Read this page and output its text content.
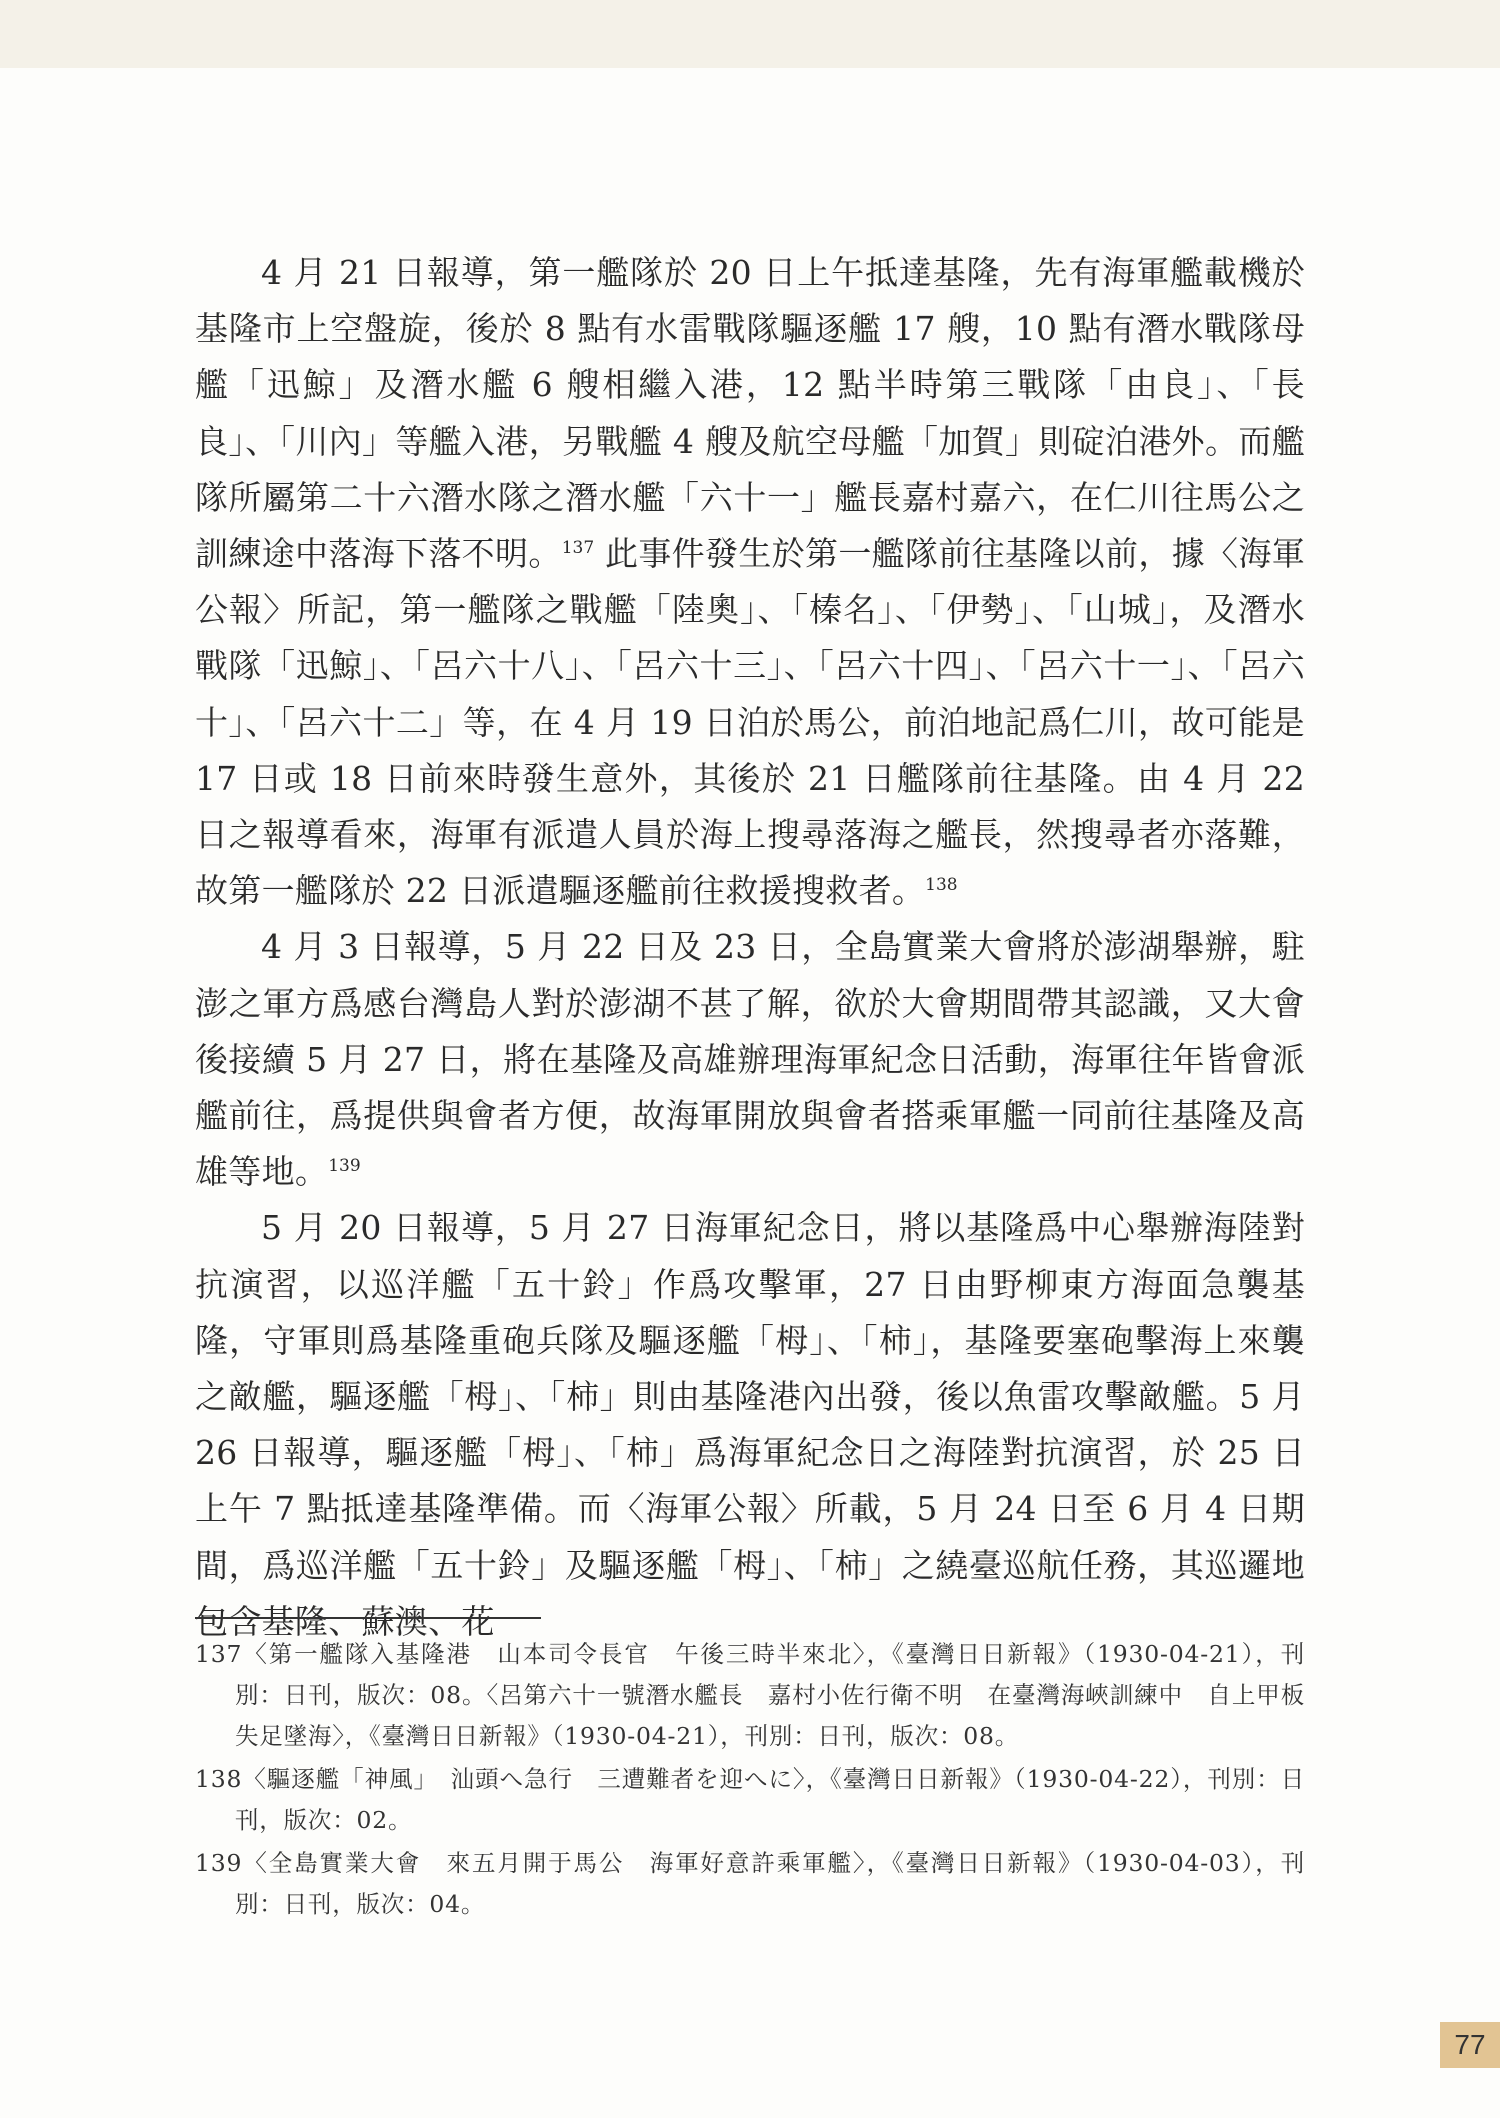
4 月 21 日報導，第一艦隊於 20 日上午抵達基隆，先有海軍艦載機於基隆市上空盤旋，後於 8 點有水雷戰隊驅逐艦 17 艘，10 點有潛水戰隊母艦「迅鯨」及潛水艦 6 艘相繼入港，12 點半時第三戰隊「由良」、「長良」、「川內」等艦入港，另戰艦 4 艘及航空母艦「加賀」則碇泊港外。而艦隊所屬第二十六潛水隊之潛水艦「六十一」艦長嘉村嘉六，在仁川往馬公之訓練途中落海下落不明。$^{137}$ 此事件發生於第一艦隊前往基隆以前，據〈海軍公報〉所記，第一艦隊之戰艦「陸奧」、「榛名」、「伊勢」、「山城」，及潛水戰隊「迅鯨」、「呂六十八」、「呂六十三」、「呂六十四」、「呂六十一」、「呂六十」、「呂六十二」等，在 4 月 19 日泊於馬公，前泊地記爲仁川，故可能是 17 日或 18 日前來時發生意外，其後於 21 日艦隊前往基隆。由 4 月 22 日之報導看來，海軍有派遣人員於海上搜尋落海之艦長，然搜尋者亦落難，故第一艦隊於 22 日派遣驅逐艦前往救援搜救者。$^{138}$

4 月 3 日報導，5 月 22 日及 23 日，全島實業大會將於澎湖舉辦，駐澎之軍方爲感台灣島人對於澎湖不甚了解，欲於大會期間帶其認識，又大會後接續 5 月 27 日，將在基隆及高雄辦理海軍紀念日活動，海軍往年皆會派艦前往，爲提供與會者方便，故海軍開放與會者搭乘軍艦一同前往基隆及高雄等地。$^{139}$

5 月 20 日報導，5 月 27 日海軍紀念日，將以基隆爲中心舉辦海陸對抗演習，以巡洋艦「五十鈴」作爲攻擊軍，27 日由野柳東方海面急襲基隆，守軍則爲基隆重砲兵隊及驅逐艦「栂」、「柿」，基隆要塞砲擊海上來襲之敵艦，驅逐艦「栂」、「柿」則由基隆港內出發，後以魚雷攻擊敵艦。5 月 26 日報導，驅逐艦「栂」、「柿」爲海軍紀念日之海陸對抗演習，於 25 日上午 7 點抵達基隆準備。而〈海軍公報〉所載，5 月 24 日至 6 月 4 日期間，爲巡洋艦「五十鈴」及驅逐艦「栂」、「柿」之繞臺巡航任務，其巡邏地包含基隆、蘇澳、花

137〈第一艦隊入基隆港　山本司令長官　午後三時半來北〉，《臺灣日日新報》（1930-04-21），刊別：日刊，版次：08。〈呂第六十一號潛水艦長　嘉村小佐行衛不明　在臺灣海峽訓練中　自上甲板失足墜海〉，《臺灣日日新報》（1930-04-21），刊別：日刊，版次：08。

138〈驅逐艦「神風」　汕頭へ急行　三遭難者を迎へに〉，《臺灣日日新報》（1930-04-22），刊別：日刊，版次：02。

139〈全島實業大會　來五月開于馬公　海軍好意許乘軍艦〉，《臺灣日日新報》（1930-04-03），刊別：日刊，版次：04。

77
